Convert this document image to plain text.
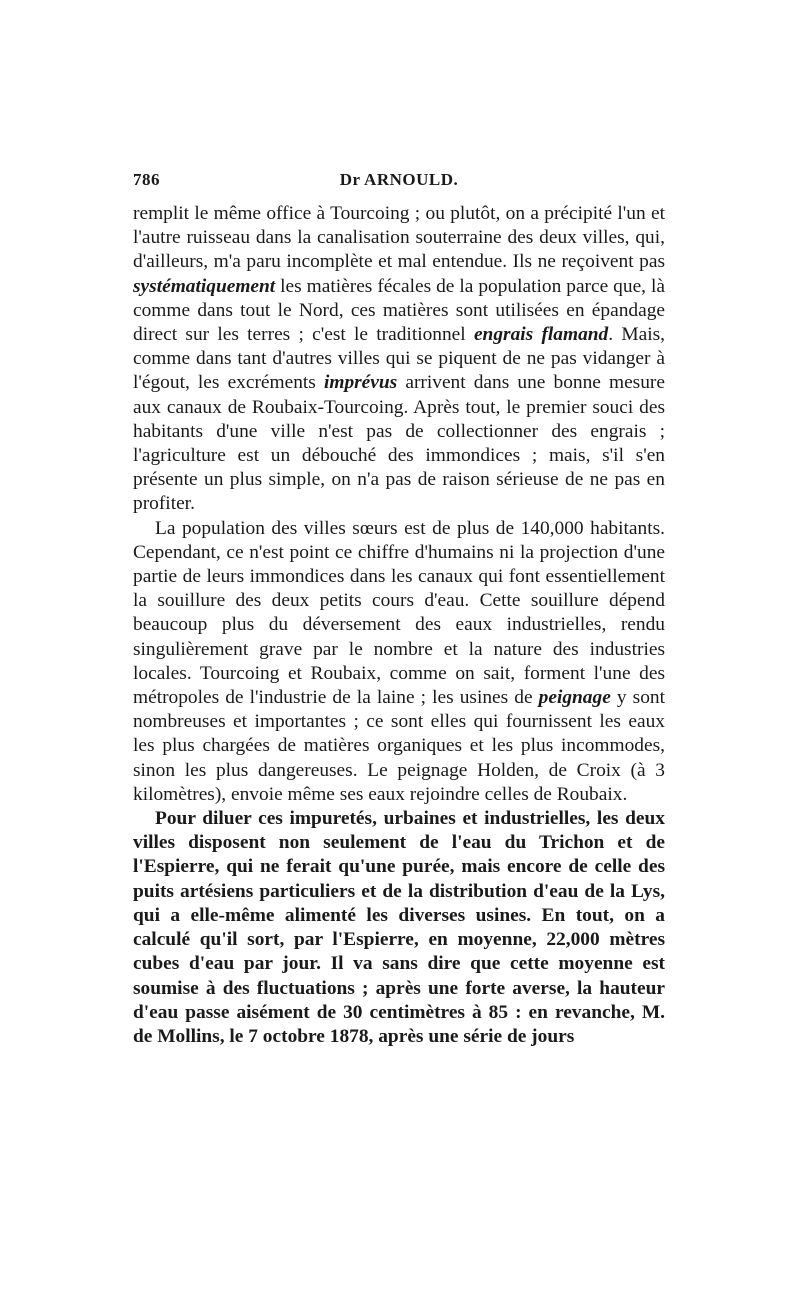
786	Dr ARNOULD.

remplit le même office à Tourcoing ; ou plutôt, on a précipité l'un et l'autre ruisseau dans la canalisation souterraine des deux villes, qui, d'ailleurs, m'a paru incomplète et mal entendue. Ils ne reçoivent pas systématiquement les matières fécales de la population parce que, là comme dans tout le Nord, ces matières sont utilisées en épandage direct sur les terres ; c'est le traditionnel engrais flamand. Mais, comme dans tant d'autres villes qui se piquent de ne pas vidanger à l'égout, les excréments imprévus arrivent dans une bonne mesure aux canaux de Roubaix-Tourcoing. Après tout, le premier souci des habitants d'une ville n'est pas de collectionner des engrais ; l'agriculture est un débouché des immondices ; mais, s'il s'en présente un plus simple, on n'a pas de raison sérieuse de ne pas en profiter.

La population des villes sœurs est de plus de 140,000 habitants. Cependant, ce n'est point ce chiffre d'humains ni la projection d'une partie de leurs immondices dans les canaux qui font essentiellement la souillure des deux petits cours d'eau. Cette souillure dépend beaucoup plus du déversement des eaux industrielles, rendu singulièrement grave par le nombre et la nature des industries locales. Tourcoing et Roubaix, comme on sait, forment l'une des métropoles de l'industrie de la laine ; les usines de peignage y sont nombreuses et importantes ; ce sont elles qui fournissent les eaux les plus chargées de matières organiques et les plus incommodes, sinon les plus dangereuses. Le peignage Holden, de Croix (à 3 kilomètres), envoie même ses eaux rejoindre celles de Roubaix.

Pour diluer ces impuretés, urbaines et industrielles, les deux villes disposent non seulement de l'eau du Trichon et de l'Espierre, qui ne ferait qu'une purée, mais encore de celle des puits artésiens particuliers et de la distribution d'eau de la Lys, qui a elle-même alimenté les diverses usines. En tout, on a calculé qu'il sort, par l'Espierre, en moyenne, 22,000 mètres cubes d'eau par jour. Il va sans dire que cette moyenne est soumise à des fluctuations ; après une forte averse, la hauteur d'eau passe aisément de 30 centimètres à 85 : en revanche, M. de Mollins, le 7 octobre 1878, après une série de jours
